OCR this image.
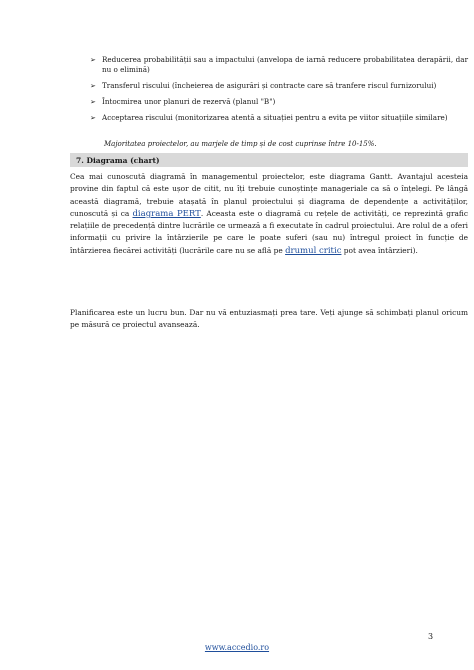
➢ Reducerea probabilității sau a impactului (anvelopa de iarnă reducere probabilitatea derapării, dar nu o elimină)
➢ Transferul riscului (încheierea de asigurări și contracte care să tranfere riscul furnizorului)
➢ Întocmirea unor planuri de rezervă (planul "B")
➢ Acceptarea riscului (monitorizarea atentă a situației pentru a evita pe viitor situațiile similare)
Majoritatea proiectelor, au marjele de timp și de cost cuprinse între 10-15%.
7. Diagrama (chart)
Cea mai cunoscută diagramă în managementul proiectelor, este diagrama Gantt. Avantajul acesteia provine din faptul că este ușor de citit, nu îți trebuie cunoștințe manageriale ca să o înțelegi. Pe lângă această diagramă, trebuie atașată în planul proiectului și diagrama de dependențe a activităților, cunoscută și ca diagrama PERT. Aceasta este o diagramă cu rețele de activități, ce reprezintă grafic relațiile de precedență dintre lucrările ce urmează a fi executate în cadrul proiectului. Are rolul de a oferi informații cu privire la întârzierile pe care le poate suferi (sau nu) întregul proiect în funcție de întârzierea fiecărei activități (lucrările care nu se află pe drumul critic pot avea întârzieri).
Planificarea este un lucru bun. Dar nu vă entuziasmați prea tare. Veți ajunge să schimbați planul oricum pe măsură ce proiectul avansează.
3
www.accedio.ro
